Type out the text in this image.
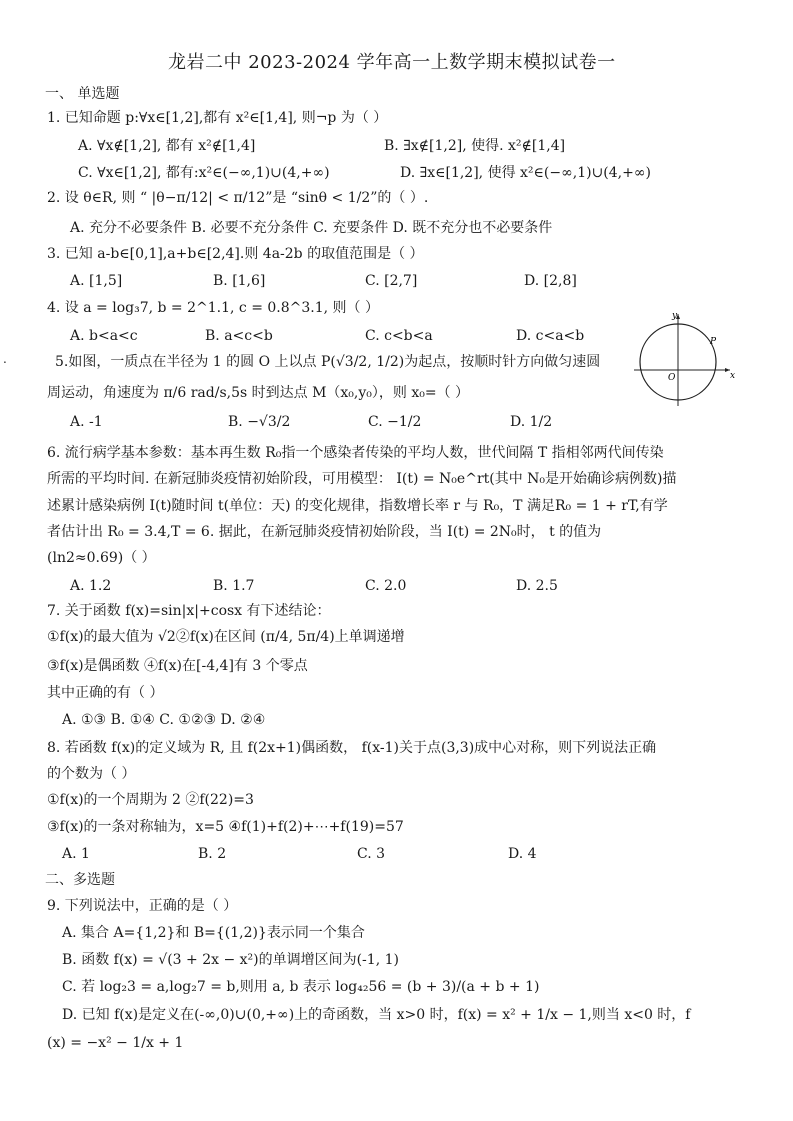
龙岩二中 2023-2024 学年高一上数学期末模拟试卷一
一、 单选题
1. 已知命题 p:∀x∈[1,2],都有 x²∈[1,4], 则¬p 为（ ）
A. ∀x∉[1,2], 都有 x²∉[1,4]	B. ∃x∉[1,2], 使得. x²∉[1,4]
C. ∀x∈[1,2], 都有:x²∈(−∞,1)∪(4,+∞)	D. ∃x∈[1,2], 使得 x²∈(−∞,1)∪(4,+∞)
2. 设 θ∈R, 则 “ |θ−π/12| < π/12”是 “sinθ < 1/2”的（ ）.
A. 充分不必要条件 B. 必要不充分条件 C. 充要条件 D. 既不充分也不必要条件
3. 已知 a-b∈[0,1],a+b∈[2,4].则 4a-2b 的取值范围是（ ）
A. [1,5]	B. [1,6]	C. [2,7]	D. [2,8]
4. 设 a = log₃7, b = 2^1.1, c = 0.8^3.1, 则（ ）
A. b<a<c	B. a<c<b	C. c<b<a	D. c<a<b
.	5.如图，一质点在半径为 1 的圆 O 上以点 P(√3/2, 1/2)为起点，按顺时针方向做匀速圆
周运动，角速度为 π/6 rad/s,5s 时到达点 M（x₀,y₀），则 x₀=（ ）
A. -1	B. −√3/2	C. −1/2	D. 1/2
y
x
O
P
6. 流行病学基本参数：基本再生数 R₀指一个感染者传染的平均人数，世代间隔 T 指相邻两代间传染
所需的平均时间. 在新冠肺炎疫情初始阶段，可用模型： I(t) = N₀e^rt(其中 N₀是开始确诊病例数)描
述累计感染病例 I(t)随时间 t(单位：天) 的变化规律，指数增长率 r 与 R₀，T 满足R₀ = 1 + rT,有学
者估计出 R₀ = 3.4,T = 6. 据此，在新冠肺炎疫情初始阶段，当 I(t) = 2N₀时， t 的值为
(ln2≈0.69)（ ）
A. 1.2	B. 1.7	C. 2.0	D. 2.5
7. 关于函数 f(x)=sin|x|+cosx 有下述结论：
①f(x)的最大值为 √2②f(x)在区间 (π/4, 5π/4)上单调递增
③f(x)是偶函数 ④f(x)在[-4,4]有 3 个零点
其中正确的有（ ）
A. ①③ B. ①④ C. ①②③ D. ②④
8. 若函数 f(x)的定义域为 R, 且 f(2x+1)偶函数， f(x-1)关于点(3,3)成中心对称，则下列说法正确
的个数为（ ）
①f(x)的一个周期为 2 ②f(22)=3
③f(x)的一条对称轴为，x=5 ④f(1)+f(2)+⋯+f(19)=57
A. 1	B. 2	C. 3	D. 4
二、多选题
9. 下列说法中，正确的是（ ）
A. 集合 A={1,2}和 B={(1,2)}表示同一个集合
B. 函数 f(x) = √(3 + 2x − x²)的单调增区间为(-1, 1)
C. 若 log₂3 = a,log₂7 = b,则用 a, b 表示 log₄₂56 = (b + 3)/(a + b + 1)
D. 已知 f(x)是定义在(-∞,0)∪(0,+∞)上的奇函数，当 x>0 时，f(x) = x² + 1/x − 1,则当 x<0 时，f
(x) = −x² − 1/x + 1
